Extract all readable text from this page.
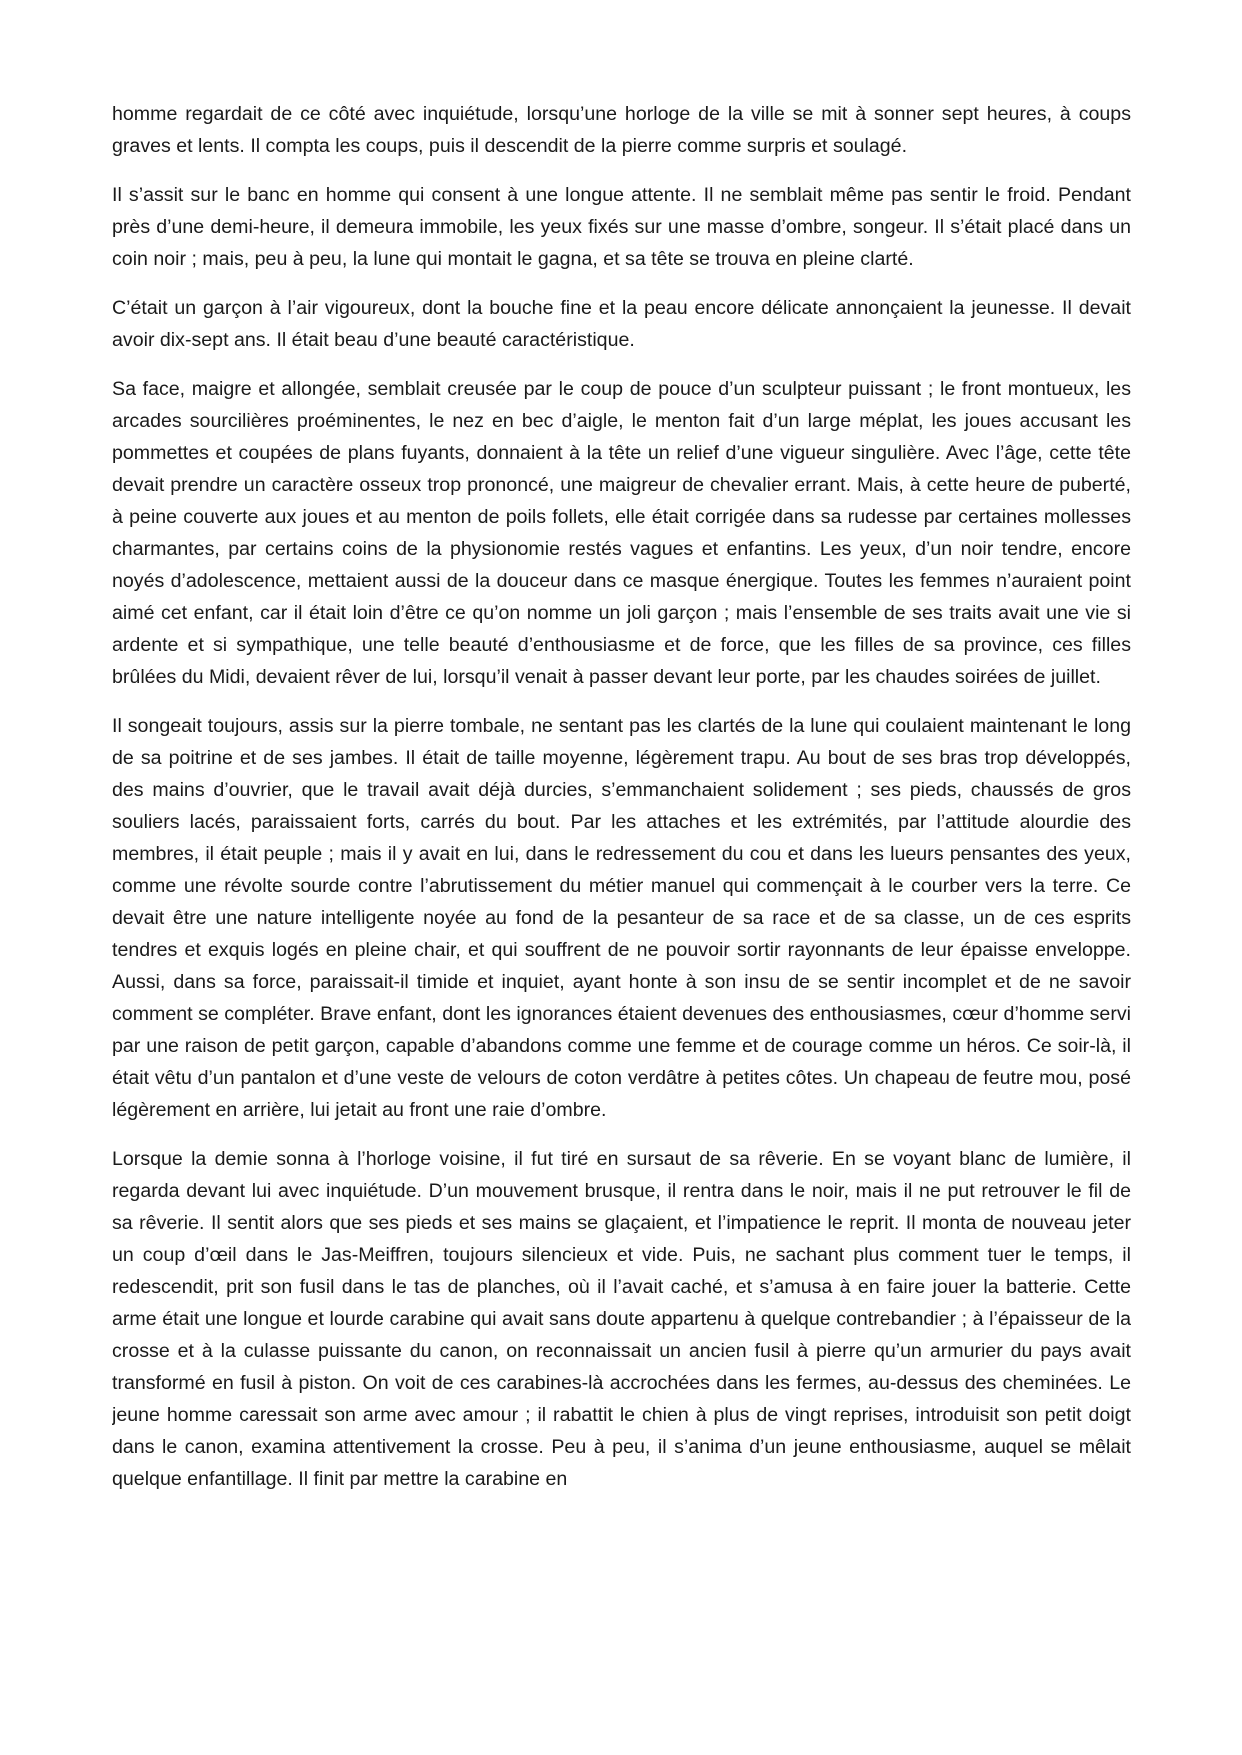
homme regardait de ce côté avec inquiétude, lorsqu’une horloge de la ville se mit à sonner sept heures, à coups graves et lents. Il compta les coups, puis il descendit de la pierre comme surpris et soulagé.

Il s’assit sur le banc en homme qui consent à une longue attente. Il ne semblait même pas sentir le froid. Pendant près d’une demi-heure, il demeura immobile, les yeux fixés sur une masse d’ombre, songeur. Il s’était placé dans un coin noir ; mais, peu à peu, la lune qui montait le gagna, et sa tête se trouva en pleine clarté.

C’était un garçon à l’air vigoureux, dont la bouche fine et la peau encore délicate annonçaient la jeunesse. Il devait avoir dix-sept ans. Il était beau d’une beauté caractéristique.

Sa face, maigre et allongée, semblait creusée par le coup de pouce d’un sculpteur puissant ; le front montueux, les arcades sourcilières proéminentes, le nez en bec d’aigle, le menton fait d’un large méplat, les joues accusant les pommettes et coupées de plans fuyants, donnaient à la tête un relief d’une vigueur singulière. Avec l’âge, cette tête devait prendre un caractère osseux trop prononcé, une maigreur de chevalier errant. Mais, à cette heure de puberté, à peine couverte aux joues et au menton de poils follets, elle était corrigée dans sa rudesse par certaines mollesses charmantes, par certains coins de la physionomie restés vagues et enfantins. Les yeux, d’un noir tendre, encore noyés d’adolescence, mettaient aussi de la douceur dans ce masque énergique. Toutes les femmes n’auraient point aimé cet enfant, car il était loin d’être ce qu’on nomme un joli garçon ; mais l’ensemble de ses traits avait une vie si ardente et si sympathique, une telle beauté d’enthousiasme et de force, que les filles de sa province, ces filles brûlées du Midi, devaient rêver de lui, lorsqu’il venait à passer devant leur porte, par les chaudes soirées de juillet.

Il songeait toujours, assis sur la pierre tombale, ne sentant pas les clartés de la lune qui coulaient maintenant le long de sa poitrine et de ses jambes. Il était de taille moyenne, légèrement trapu. Au bout de ses bras trop développés, des mains d’ouvrier, que le travail avait déjà durcies, s’emmanchaient solidement ; ses pieds, chaussés de gros souliers lacés, paraissaient forts, carrés du bout. Par les attaches et les extrémités, par l’attitude alourdie des membres, il était peuple ; mais il y avait en lui, dans le redressement du cou et dans les lueurs pensantes des yeux, comme une révolte sourde contre l’abrutissement du métier manuel qui commençait à le courber vers la terre. Ce devait être une nature intelligente noyée au fond de la pesanteur de sa race et de sa classe, un de ces esprits tendres et exquis logés en pleine chair, et qui souffrent de ne pouvoir sortir rayonnants de leur épaisse enveloppe. Aussi, dans sa force, paraissait-il timide et inquiet, ayant honte à son insu de se sentir incomplet et de ne savoir comment se compléter. Brave enfant, dont les ignorances étaient devenues des enthousiasmes, cœur d’homme servi par une raison de petit garçon, capable d’abandons comme une femme et de courage comme un héros. Ce soir-là, il était vêtu d’un pantalon et d’une veste de velours de coton verdâtre à petites côtes. Un chapeau de feutre mou, posé légèrement en arrière, lui jetait au front une raie d’ombre.

Lorsque la demie sonna à l’horloge voisine, il fut tiré en sursaut de sa rêverie. En se voyant blanc de lumière, il regarda devant lui avec inquiétude. D’un mouvement brusque, il rentra dans le noir, mais il ne put retrouver le fil de sa rêverie. Il sentit alors que ses pieds et ses mains se glaçaient, et l’impatience le reprit. Il monta de nouveau jeter un coup d’œil dans le Jas-Meiffren, toujours silencieux et vide. Puis, ne sachant plus comment tuer le temps, il redescendit, prit son fusil dans le tas de planches, où il l’avait caché, et s’amusa à en faire jouer la batterie. Cette arme était une longue et lourde carabine qui avait sans doute appartenu à quelque contrebandier ; à l’épaisseur de la crosse et à la culasse puissante du canon, on reconnaissait un ancien fusil à pierre qu’un armurier du pays avait transformé en fusil à piston. On voit de ces carabines-là accrochées dans les fermes, au-dessus des cheminées. Le jeune homme caressait son arme avec amour ; il rabattit le chien à plus de vingt reprises, introduisit son petit doigt dans le canon, examina attentivement la crosse. Peu à peu, il s’anima d’un jeune enthousiasme, auquel se mêlait quelque enfantillage. Il finit par mettre la carabine en
